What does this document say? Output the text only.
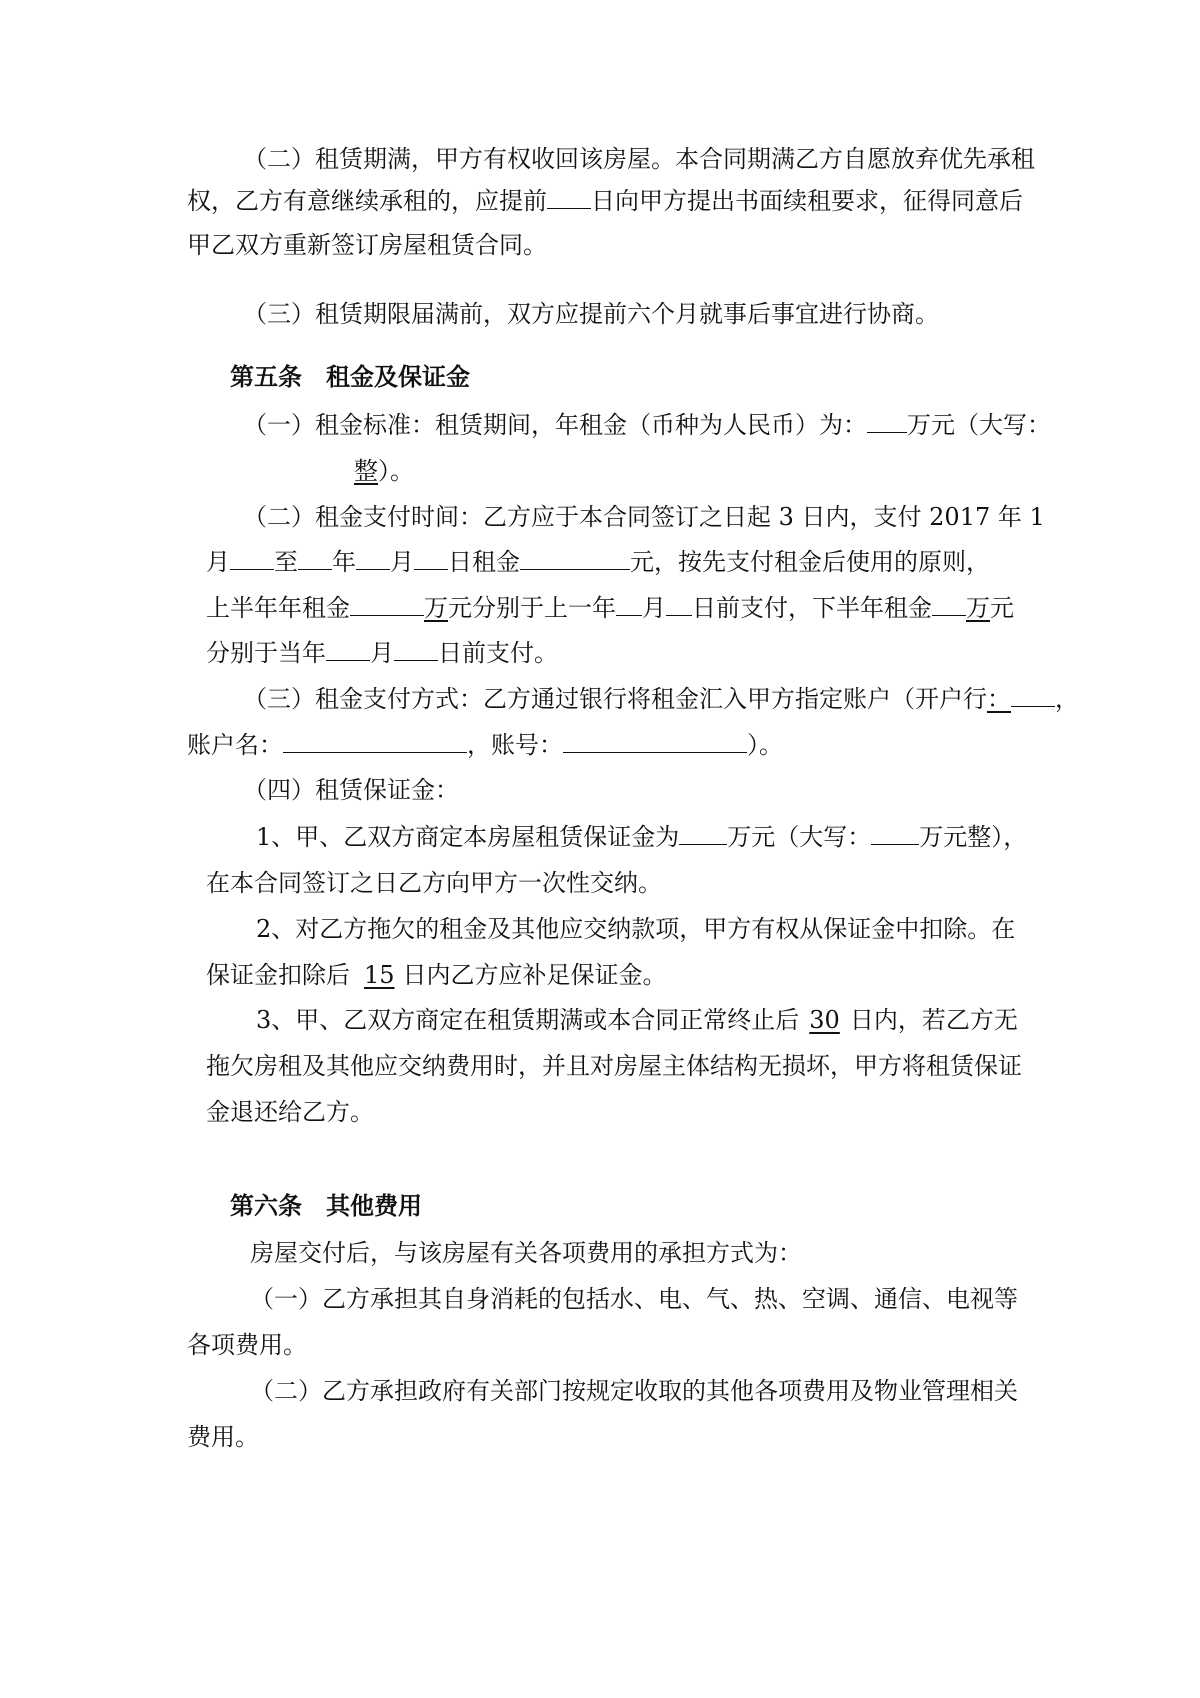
（二）租赁期满，甲方有权收回该房屋。本合同期满乙方自愿放弃优先承租
权，乙方有意继续承租的，应提前 日向甲方提出书面续租要求，征得同意后
甲乙双方重新签订房屋租赁合同。
（三）租赁期限届满前，双方应提前六个月就事后事宜进行协商。
第五条　租金及保证金
（一）租金标准：租赁期间，年租金（币种为人民币）为： 万元（大写：
整）。
（二）租金支付时间：乙方应于本合同签订之日起 3 日内，支付 2017 年 1
月 至 年 月 日租金	元，按先支付租金后使用的原则，
上半年年租金	万元分别于上一年 月 日前支付，下半年租金 万元
分别于当年 月 日前支付。
（三）租金支付方式：乙方通过银行将租金汇入甲方指定账户（开户行： ，
账户名：	，账号：	）。
（四）租赁保证金：
1、甲、乙双方商定本房屋租赁保证金为 万元（大写： 万元整），
在本合同签订之日乙方向甲方一次性交纳。
2、对乙方拖欠的租金及其他应交纳款项，甲方有权从保证金中扣除。在
保证金扣除后 15 日内乙方应补足保证金。
3、甲、乙双方商定在租赁期满或本合同正常终止后 30 日内，若乙方无
拖欠房租及其他应交纳费用时，并且对房屋主体结构无损坏，甲方将租赁保证
金退还给乙方。
第六条　其他费用
房屋交付后，与该房屋有关各项费用的承担方式为：
（一）乙方承担其自身消耗的包括水、电、气、热、空调、通信、电视等
各项费用。
（二）乙方承担政府有关部门按规定收取的其他各项费用及物业管理相关
费用。
